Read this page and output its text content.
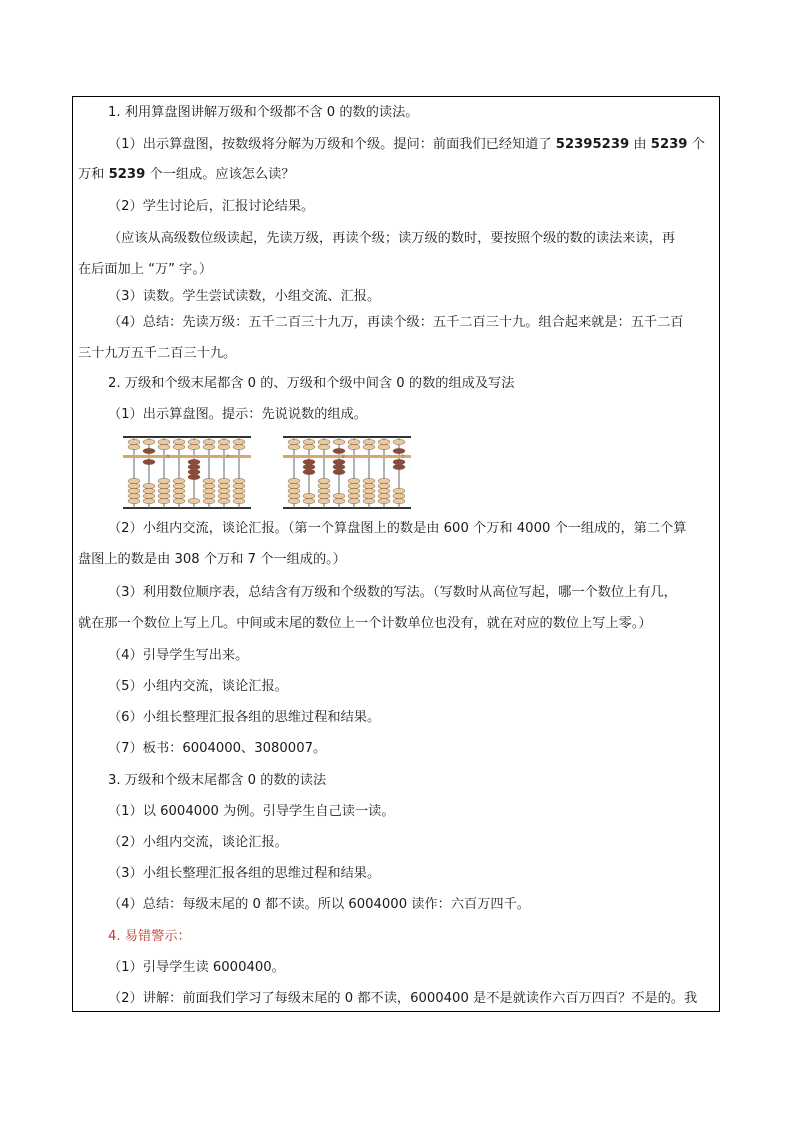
1. 利用算盘图讲解万级和个级都不含 0 的数的读法。
（1）出示算盘图，按数级将分解为万级和个级。提问：前面我们已经知道了 52395239 由 5239 个
万和 5239 个一组成。应该怎么读？
（2）学生讨论后，汇报讨论结果。
（应该从高级数位级读起，先读万级，再读个级；读万级的数时，要按照个级的数的读法来读，再
在后面加上 “万” 字。）
（3）读数。学生尝试读数，小组交流、汇报。
（4）总结：先读万级：五千二百三十九万，再读个级：五千二百三十九。组合起来就是：五千二百
三十九万五千二百三十九。
2. 万级和个级末尾都含 0 的、万级和个级中间含 0 的数的组成及写法
（1）出示算盘图。提示：先说说数的组成。
万	个	万	个
（2）小组内交流，谈论汇报。（第一个算盘图上的数是由 600 个万和 4000 个一组成的，第二个算
盘图上的数是由 308 个万和 7 个一组成的。）
（3）利用数位顺序表，总结含有万级和个级数的写法。（写数时从高位写起，哪一个数位上有几，
就在那一个数位上写上几。中间或末尾的数位上一个计数单位也没有，就在对应的数位上写上零。）
（4）引导学生写出来。
（5）小组内交流，谈论汇报。
（6）小组长整理汇报各组的思维过程和结果。
（7）板书：6004000、3080007。
3. 万级和个级末尾都含 0 的数的读法
（1）以 6004000 为例。引导学生自己读一读。
（2）小组内交流，谈论汇报。
（3）小组长整理汇报各组的思维过程和结果。
（4）总结：每级末尾的 0 都不读。所以 6004000 读作：六百万四千。
4. 易错警示：
（1）引导学生读 6000400。
（2）讲解：前面我们学习了每级末尾的 0 都不读，6000400 是不是就读作六百万四百？不是的。我
